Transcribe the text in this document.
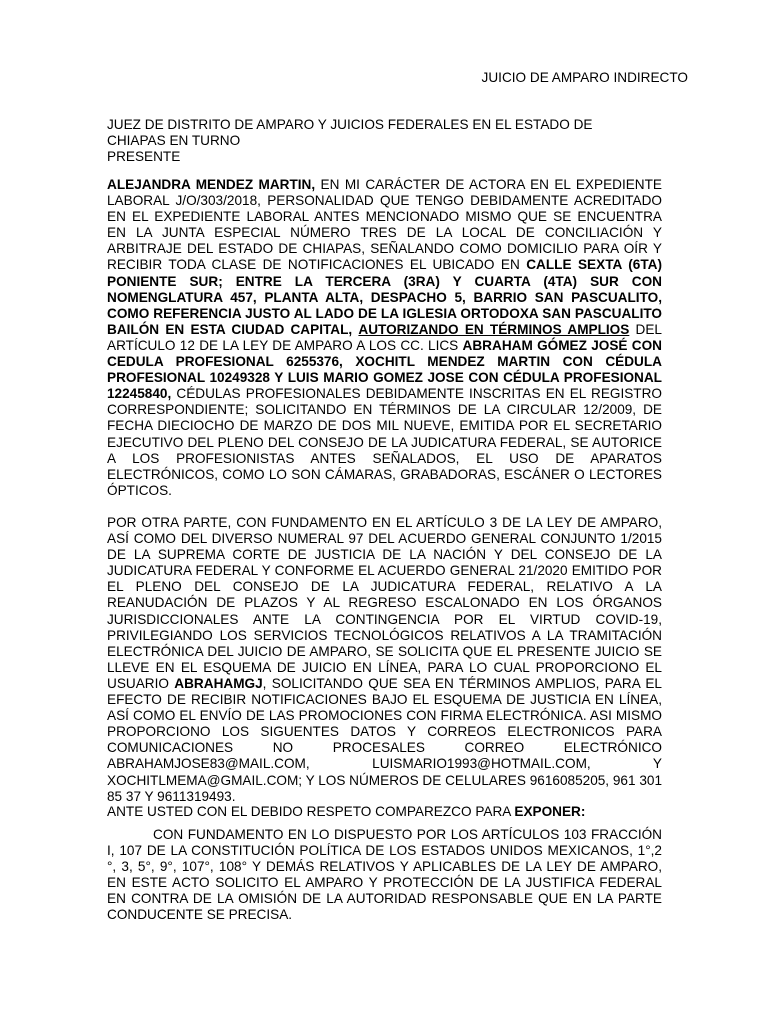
JUICIO DE AMPARO INDIRECTO

JUEZ DE DISTRITO DE AMPARO Y JUICIOS FEDERALES EN EL ESTADO DE
CHIAPAS EN TURNO
PRESENTE

ALEJANDRA MENDEZ MARTIN, EN MI CARÁCTER DE ACTORA EN EL EXPEDIENTE LABORAL J/O/303/2018, PERSONALIDAD QUE TENGO DEBIDAMENTE ACREDITADO EN EL EXPEDIENTE LABORAL ANTES MENCIONADO MISMO QUE SE ENCUENTRA EN LA JUNTA ESPECIAL NÚMERO TRES DE LA LOCAL DE CONCILIACIÓN Y ARBITRAJE DEL ESTADO DE CHIAPAS, SEÑALANDO COMO DOMICILIO PARA OÍR Y RECIBIR TODA CLASE DE NOTIFICACIONES EL UBICADO EN CALLE SEXTA (6TA) PONIENTE SUR; ENTRE LA TERCERA (3RA) Y CUARTA (4TA) SUR CON NOMENGLATURA 457, PLANTA ALTA, DESPACHO 5, BARRIO SAN PASCUALITO, COMO REFERENCIA JUSTO AL LADO DE LA IGLESIA ORTODOXA SAN PASCUALITO BAILÓN EN ESTA CIUDAD CAPITAL, AUTORIZANDO EN TÉRMINOS AMPLIOS DEL ARTÍCULO 12 DE LA LEY DE AMPARO A LOS CC. LICS ABRAHAM GÓMEZ JOSÉ CON CEDULA PROFESIONAL 6255376, XOCHITL MENDEZ MARTIN CON CÉDULA PROFESIONAL 10249328 Y LUIS MARIO GOMEZ JOSE CON CÉDULA PROFESIONAL 12245840, CÉDULAS PROFESIONALES DEBIDAMENTE INSCRITAS EN EL REGISTRO CORRESPONDIENTE; SOLICITANDO EN TÉRMINOS DE LA CIRCULAR 12/2009, DE FECHA DIECIOCHO DE MARZO DE DOS MIL NUEVE, EMITIDA POR EL SECRETARIO EJECUTIVO DEL PLENO DEL CONSEJO DE LA JUDICATURA FEDERAL, SE AUTORICE A LOS PROFESIONISTAS ANTES SEÑALADOS, EL USO DE APARATOS ELECTRÓNICOS, COMO LO SON CÁMARAS, GRABADORAS, ESCÁNER O LECTORES ÓPTICOS.

POR OTRA PARTE, CON FUNDAMENTO EN EL ARTÍCULO 3 DE LA LEY DE AMPARO, ASÍ COMO DEL DIVERSO NUMERAL 97 DEL ACUERDO GENERAL CONJUNTO 1/2015 DE LA SUPREMA CORTE DE JUSTICIA DE LA NACIÓN Y DEL CONSEJO DE LA JUDICATURA FEDERAL Y CONFORME EL ACUERDO GENERAL 21/2020 EMITIDO POR EL PLENO DEL CONSEJO DE LA JUDICATURA FEDERAL, RELATIVO A LA REANUDACIÓN DE PLAZOS Y AL REGRESO ESCALONADO EN LOS ÓRGANOS JURISDICCIONALES ANTE LA CONTINGENCIA POR EL VIRTUD COVID-19, PRIVILEGIANDO LOS SERVICIOS TECNOLÓGICOS RELATIVOS A LA TRAMITACIÓN ELECTRÓNICA DEL JUICIO DE AMPARO, SE SOLICITA QUE EL PRESENTE JUICIO SE LLEVE EN EL ESQUEMA DE JUICIO EN LÍNEA, PARA LO CUAL PROPORCIONO EL USUARIO ABRAHAMGJ, SOLICITANDO QUE SEA EN TÉRMINOS AMPLIOS, PARA EL EFECTO DE RECIBIR NOTIFICACIONES BAJO EL ESQUEMA DE JUSTICIA EN LÍNEA, ASÍ COMO EL ENVÍO DE LAS PROMOCIONES CON FIRMA ELECTRÓNICA. ASI MISMO PROPORCIONO LOS SIGUENTES DATOS Y CORREOS ELECTRONICOS PARA COMUNICACIONES NO PROCESALES CORREO ELECTRÓNICO ABRAHAMJOSE83@MAIL.COM, LUISMARIO1993@HOTMAIL.COM, Y XOCHITLMEMA@GMAIL.COM; Y LOS NÚMEROS DE CELULARES 9616085205, 961 301 85 37 Y 9611319493.

ANTE USTED CON EL DEBIDO RESPETO COMPAREZCO PARA EXPONER:

CON FUNDAMENTO EN LO DISPUESTO POR LOS ARTÍCULOS 103 FRACCIÓN I, 107 DE LA CONSTITUCIÓN POLÍTICA DE LOS ESTADOS UNIDOS MEXICANOS, 1°,2 °, 3, 5°, 9°, 107°, 108° Y DEMÁS RELATIVOS Y APLICABLES DE LA LEY DE AMPARO, EN ESTE ACTO SOLICITO EL AMPARO Y PROTECCIÓN DE LA JUSTIFICA FEDERAL EN CONTRA DE LA OMISIÓN DE LA AUTORIDAD RESPONSABLE QUE EN LA PARTE CONDUCENTE SE PRECISA.
